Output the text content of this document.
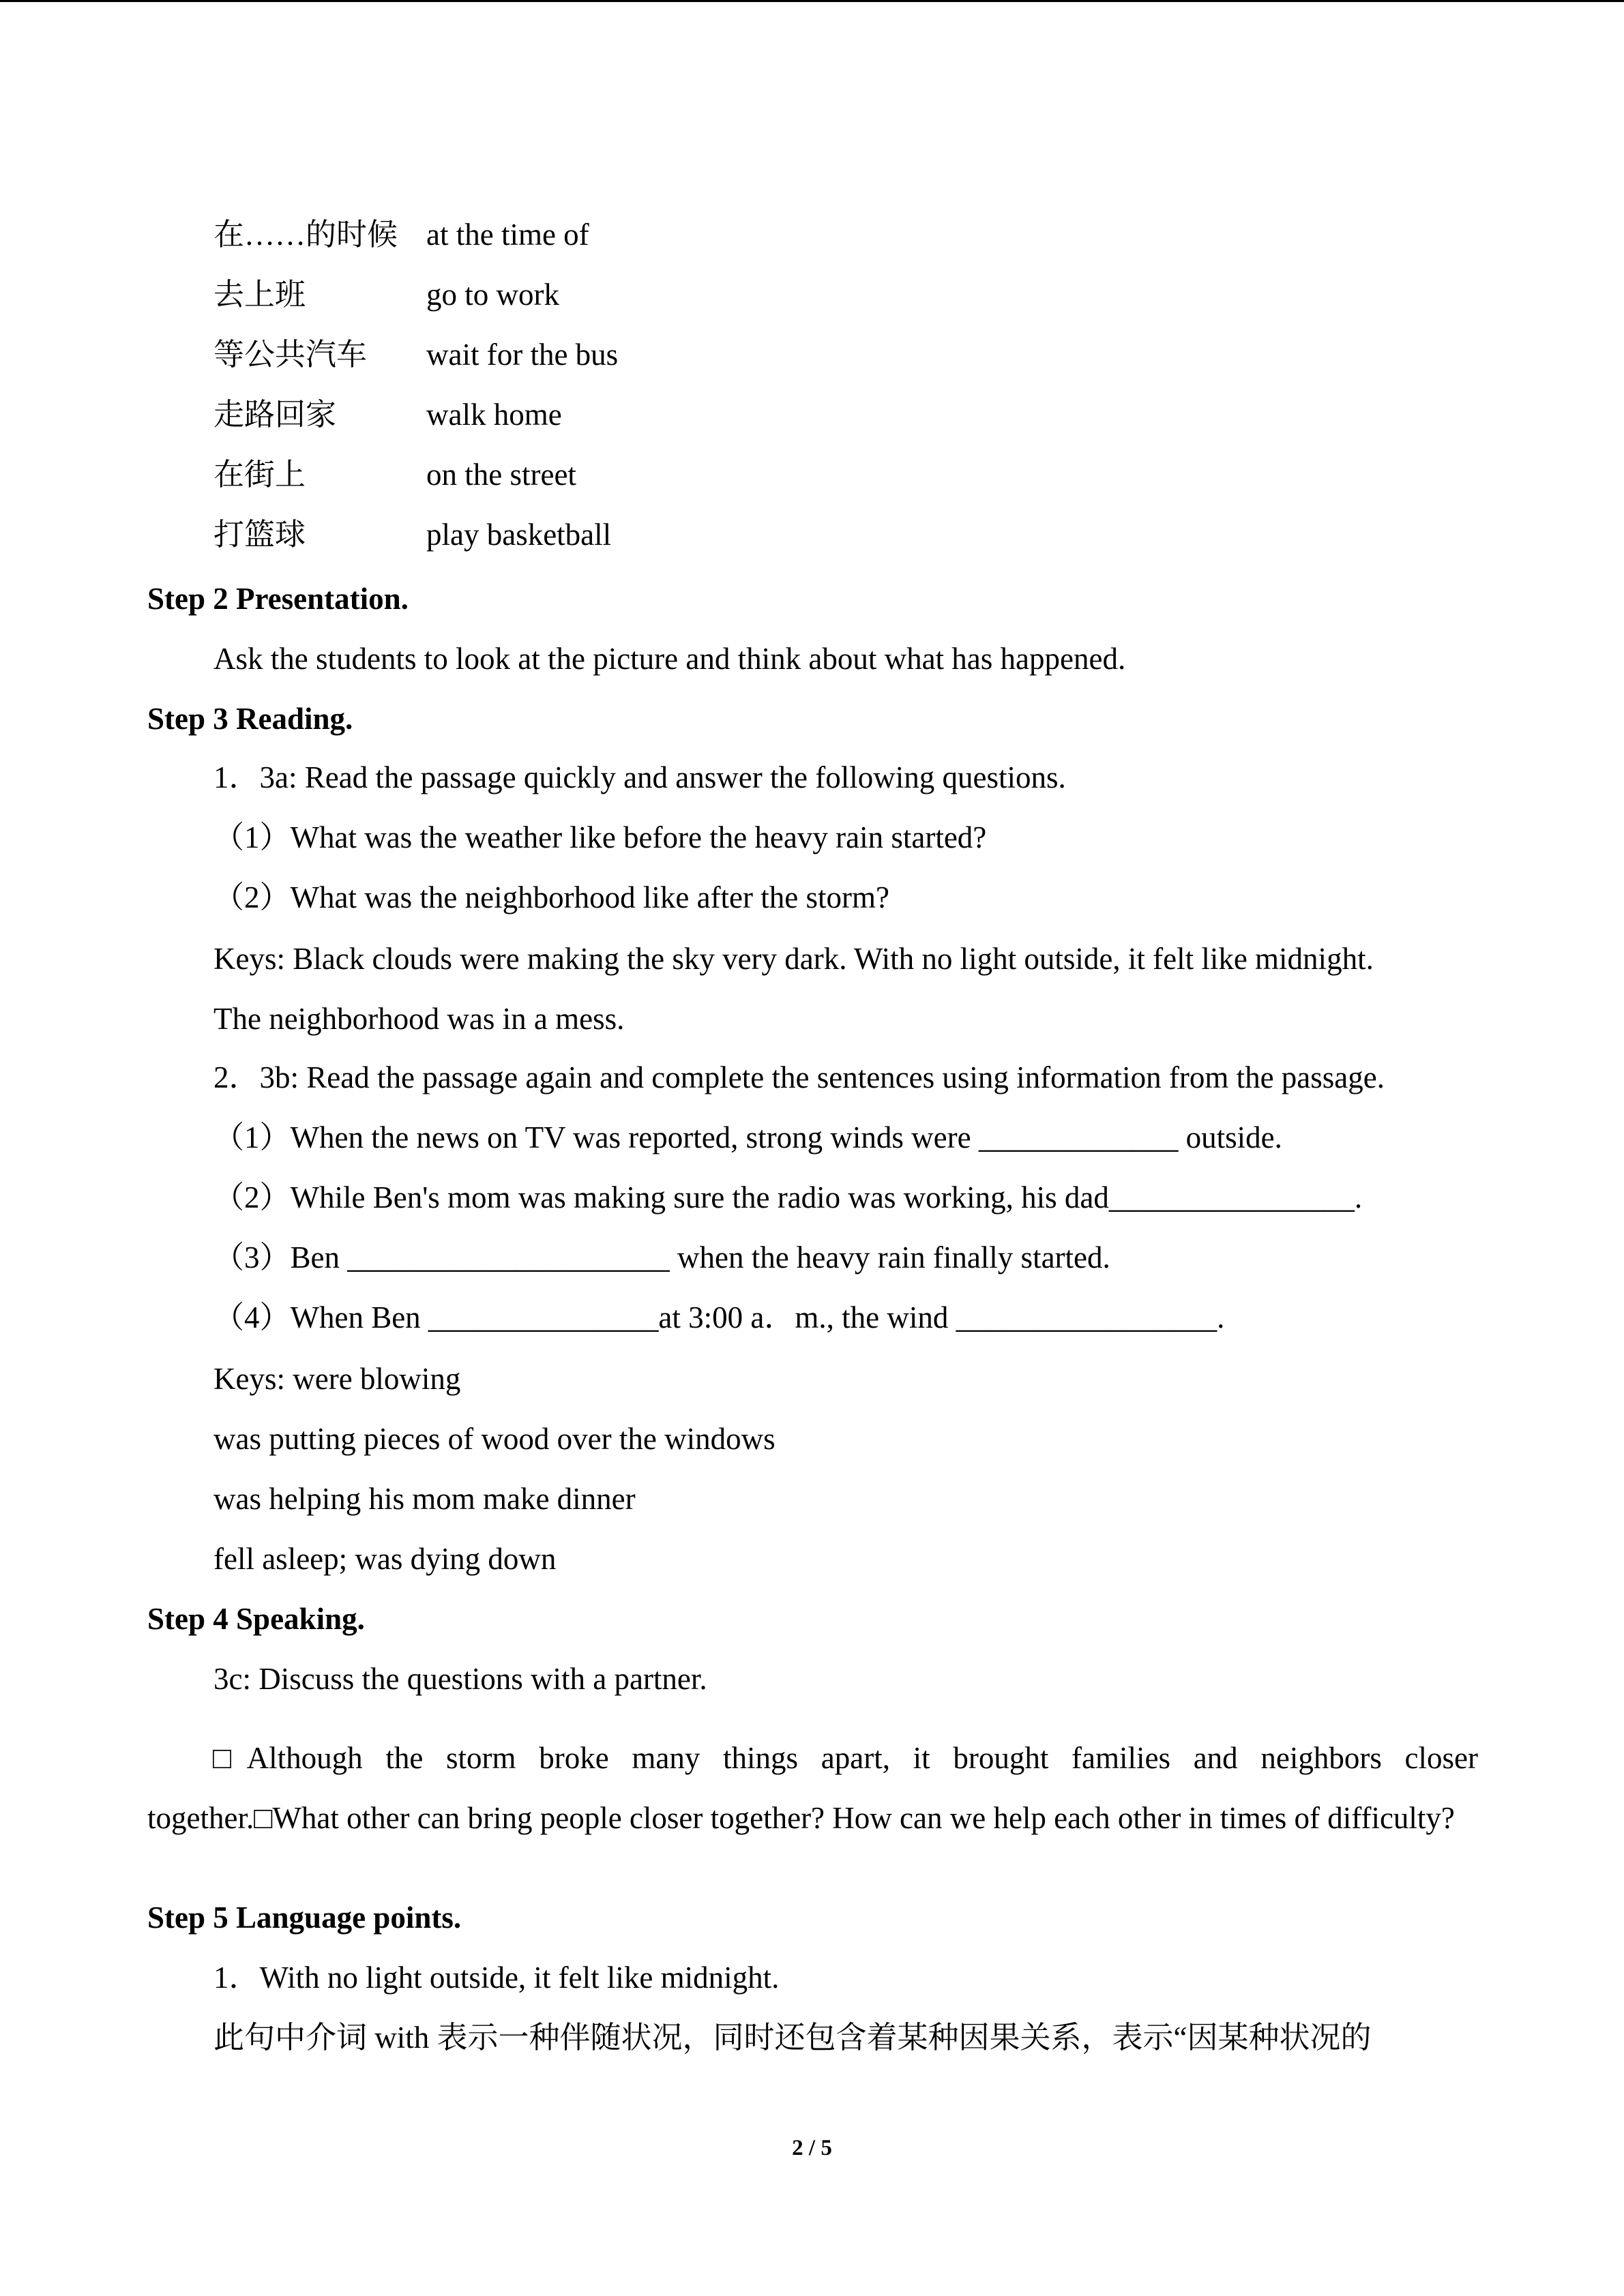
在……的时候 at the time of
去上班	go to work
等公共汽车 wait for the bus
走路回家	walk home
在街上	on the street
打篮球	play basketball
Step 2 Presentation.
Ask the students to look at the picture and think about what has happened.
Step 3 Reading.
1．3a: Read the passage quickly and answer the following questions.
（1）What was the weather like before the heavy rain started?
（2）What was the neighborhood like after the storm?
Keys: Black clouds were making the sky very dark. With no light outside, it felt like midnight.
The neighborhood was in a mess.
2．3b: Read the passage again and complete the sentences using information from the passage.
（1）When the news on TV was reported, strong winds were _____________ outside.
（2）While Ben's mom was making sure the radio was working, his dad________________.
（3）Ben _____________________ when the heavy rain finally started.
（4）When Ben _______________at 3:00 a．m., the wind _________________.
Keys: were blowing
was putting pieces of wood over the windows
was helping his mom make dinner
fell asleep; was dying down
Step 4 Speaking.
3c: Discuss the questions with a partner.
□Although the storm broke many things apart, it brought families and neighbors closer together.□What other can bring people closer together? How can we help each other in times of difficulty?
Step 5 Language points.
1．With no light outside, it felt like midnight.
此句中介词 with 表示一种伴随状况，同时还包含着某种因果关系，表示“因某种状况的
2 / 5
